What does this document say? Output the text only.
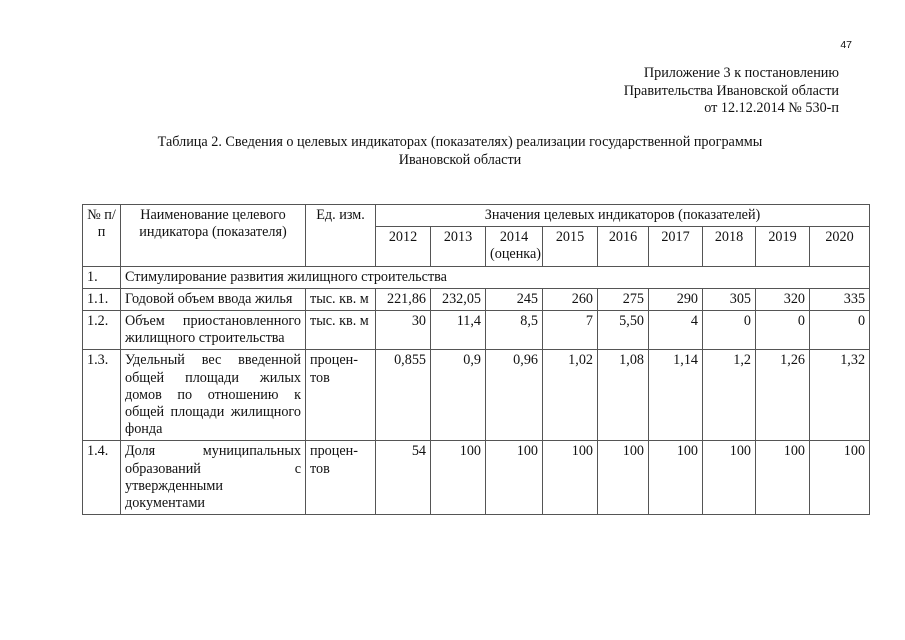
47
Приложение 3 к постановлению
Правительства Ивановской области
от 12.12.2014 № 530-п
Таблица 2. Сведения о целевых индикаторах (показателях) реализации государственной программы
Ивановской области
№ п/п	Наименование целевого индикатора (показателя)	Ед. изм.	Значения целевых индикаторов (показателей)								
			2012	2013	2014 (оценка)	2015	2016	2017	2018	2019	2020
1.	Стимулирование развития жилищного строительства										
1.1.	Годовой объем ввода жилья	тыс. кв. м	221,86	232,05	245	260	275	290	305	320	335
1.2.	Объем приостановленного жилищного строительства	тыс. кв. м	30	11,4	8,5	7	5,50	4	0	0	0
1.3.	Удельный вес введенной общей площади жилых домов по отношению к общей площади жилищного фонда	процен-тов	0,855	0,9	0,96	1,02	1,08	1,14	1,2	1,26	1,32
1.4.	Доля муниципальных образований с утвержденными документами	процен-тов	54	100	100	100	100	100	100	100	100
